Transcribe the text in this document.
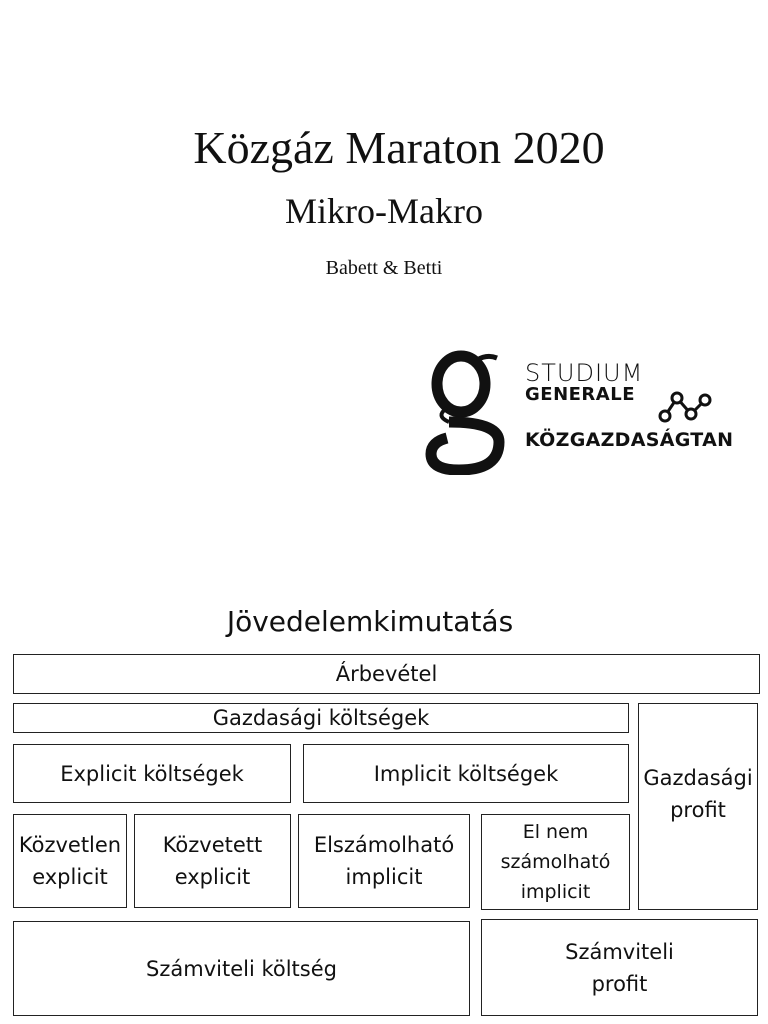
Közgáz Maraton 2020
Mikro-Makro
Babett & Betti
STUDIUM
GENERALE
KÖZGAZDASÁGTAN
Jövedelemkimutatás
Árbevétel
Gazdasági költségek
Gazdasági
profit
Explicit költségek	Implicit költségek
Közvetlen
explicit
Közvetett
explicit
Elszámolható
implicit
El nem
számolható
implicit
Számviteli költség
Számviteli
profit
